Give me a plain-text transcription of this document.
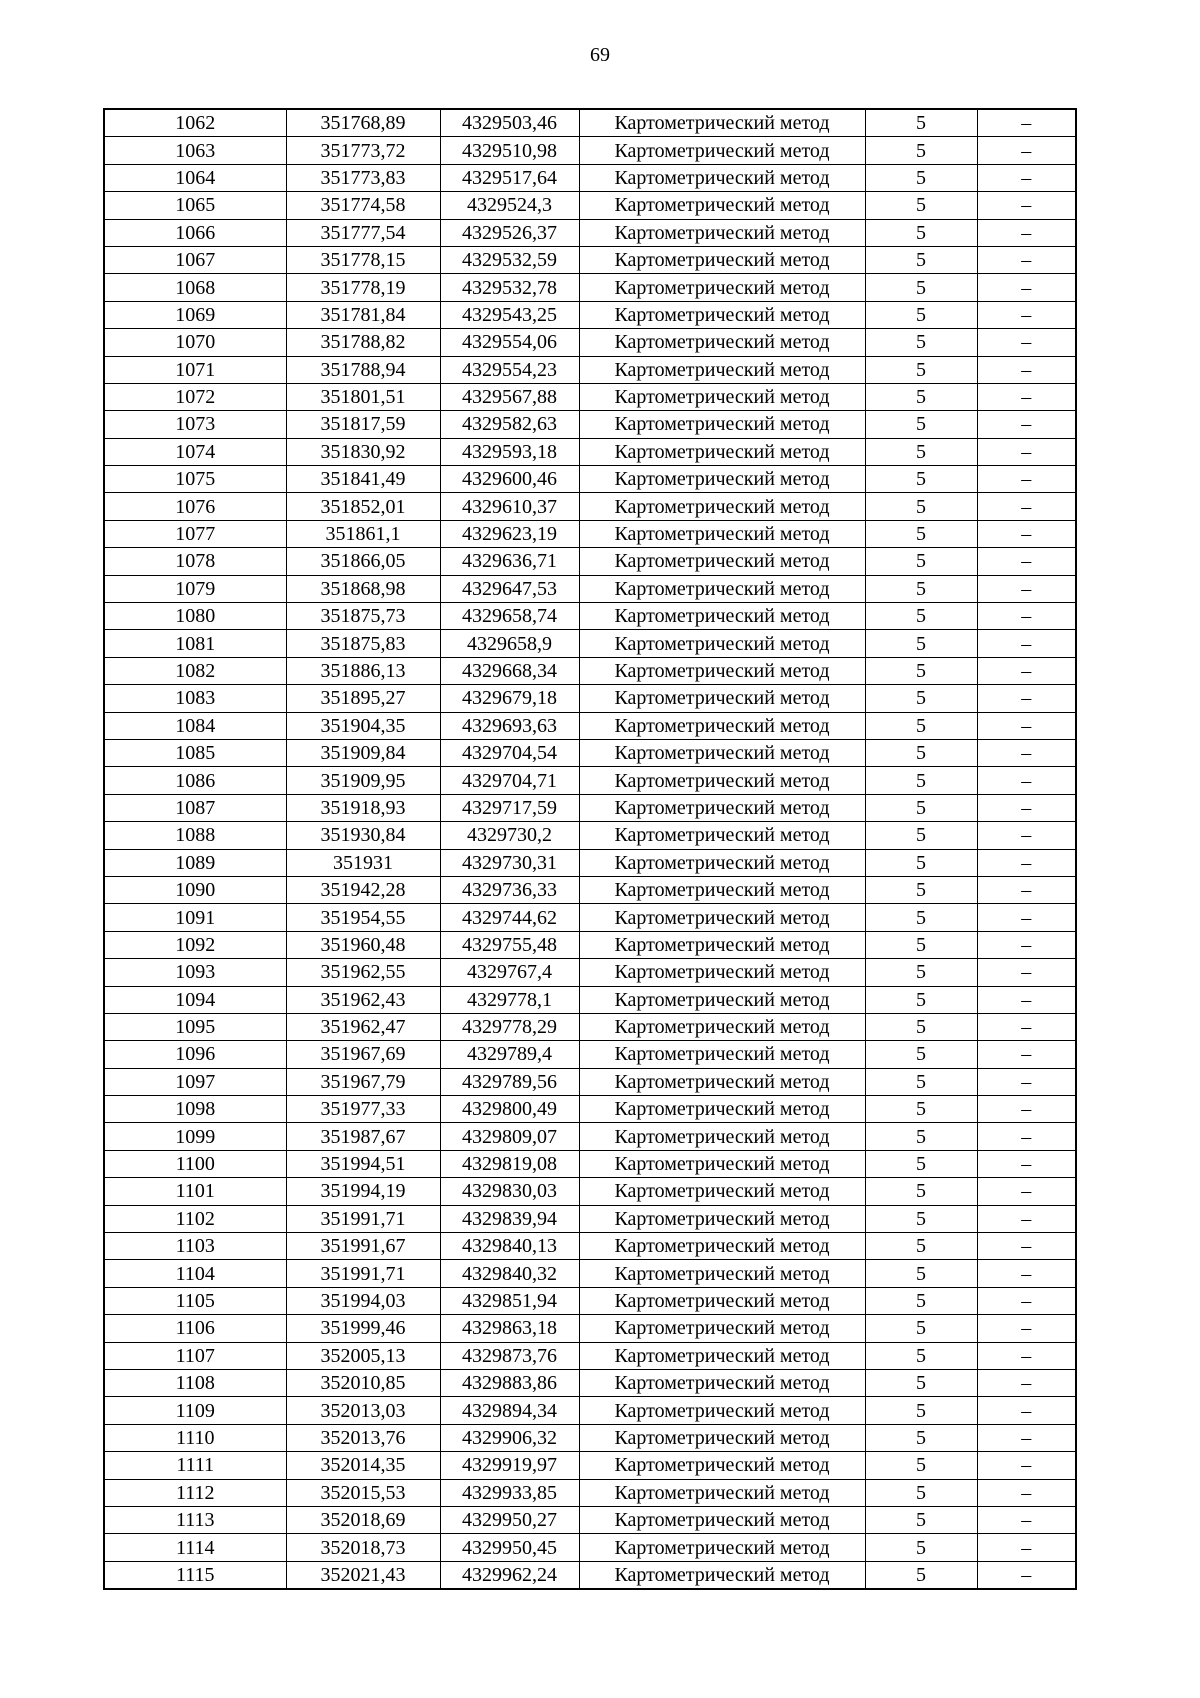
69
1062	351768,89	4329503,46	Картометрический метод	5	–
1063	351773,72	4329510,98	Картометрический метод	5	–
1064	351773,83	4329517,64	Картометрический метод	5	–
1065	351774,58	4329524,3	Картометрический метод	5	–
1066	351777,54	4329526,37	Картометрический метод	5	–
1067	351778,15	4329532,59	Картометрический метод	5	–
1068	351778,19	4329532,78	Картометрический метод	5	–
1069	351781,84	4329543,25	Картометрический метод	5	–
1070	351788,82	4329554,06	Картометрический метод	5	–
1071	351788,94	4329554,23	Картометрический метод	5	–
1072	351801,51	4329567,88	Картометрический метод	5	–
1073	351817,59	4329582,63	Картометрический метод	5	–
1074	351830,92	4329593,18	Картометрический метод	5	–
1075	351841,49	4329600,46	Картометрический метод	5	–
1076	351852,01	4329610,37	Картометрический метод	5	–
1077	351861,1	4329623,19	Картометрический метод	5	–
1078	351866,05	4329636,71	Картометрический метод	5	–
1079	351868,98	4329647,53	Картометрический метод	5	–
1080	351875,73	4329658,74	Картометрический метод	5	–
1081	351875,83	4329658,9	Картометрический метод	5	–
1082	351886,13	4329668,34	Картометрический метод	5	–
1083	351895,27	4329679,18	Картометрический метод	5	–
1084	351904,35	4329693,63	Картометрический метод	5	–
1085	351909,84	4329704,54	Картометрический метод	5	–
1086	351909,95	4329704,71	Картометрический метод	5	–
1087	351918,93	4329717,59	Картометрический метод	5	–
1088	351930,84	4329730,2	Картометрический метод	5	–
1089	351931	4329730,31	Картометрический метод	5	–
1090	351942,28	4329736,33	Картометрический метод	5	–
1091	351954,55	4329744,62	Картометрический метод	5	–
1092	351960,48	4329755,48	Картометрический метод	5	–
1093	351962,55	4329767,4	Картометрический метод	5	–
1094	351962,43	4329778,1	Картометрический метод	5	–
1095	351962,47	4329778,29	Картометрический метод	5	–
1096	351967,69	4329789,4	Картометрический метод	5	–
1097	351967,79	4329789,56	Картометрический метод	5	–
1098	351977,33	4329800,49	Картометрический метод	5	–
1099	351987,67	4329809,07	Картометрический метод	5	–
1100	351994,51	4329819,08	Картометрический метод	5	–
1101	351994,19	4329830,03	Картометрический метод	5	–
1102	351991,71	4329839,94	Картометрический метод	5	–
1103	351991,67	4329840,13	Картометрический метод	5	–
1104	351991,71	4329840,32	Картометрический метод	5	–
1105	351994,03	4329851,94	Картометрический метод	5	–
1106	351999,46	4329863,18	Картометрический метод	5	–
1107	352005,13	4329873,76	Картометрический метод	5	–
1108	352010,85	4329883,86	Картометрический метод	5	–
1109	352013,03	4329894,34	Картометрический метод	5	–
1110	352013,76	4329906,32	Картометрический метод	5	–
1111	352014,35	4329919,97	Картометрический метод	5	–
1112	352015,53	4329933,85	Картометрический метод	5	–
1113	352018,69	4329950,27	Картометрический метод	5	–
1114	352018,73	4329950,45	Картометрический метод	5	–
1115	352021,43	4329962,24	Картометрический метод	5	–
